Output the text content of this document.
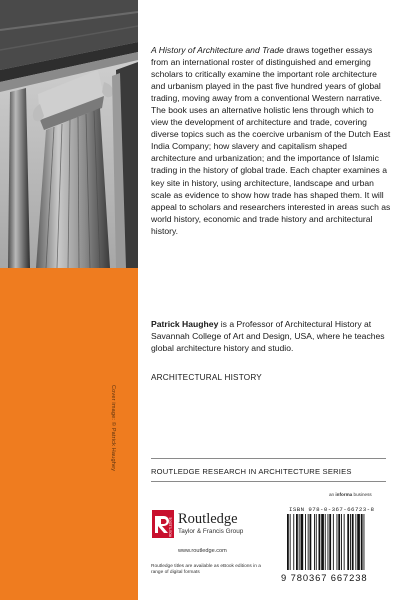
Cover image: © Patrick Haughey

A History of Architecture and Trade draws together essays from an international roster of distinguished and emerging scholars to critically examine the important role architecture and urbanism played in the past five hundred years of global trading, moving away from a conventional Western narrative. The book uses an alternative holistic lens through which to view the development of architecture and trade, covering diverse topics such as the coercive urbanism of the Dutch East India Company; how slavery and capitalism shaped architecture and urbanization; and the importance of Islamic trading in the history of global trade. Each chapter examines a key site in history, using architecture, landscape and urban scale as evidence to show how trade has shaped them. It will appeal to scholars and researchers interested in areas such as world history, economic and trade history and architectural history.

Patrick Haughey is a Professor of Architectural History at Savannah College of Art and Design, USA, where he teaches global architecture history and studio.

ARCHITECTURAL HISTORY

ROUTLEDGE RESEARCH IN ARCHITECTURE SERIES

an informa business
ROUTLEDGE Routledge
Taylor & Francis Group
www.routledge.com
Routledge titles are available as eBook editions in a range of digital formats
ISBN 978-0-367-66723-8
9 780367 667238
